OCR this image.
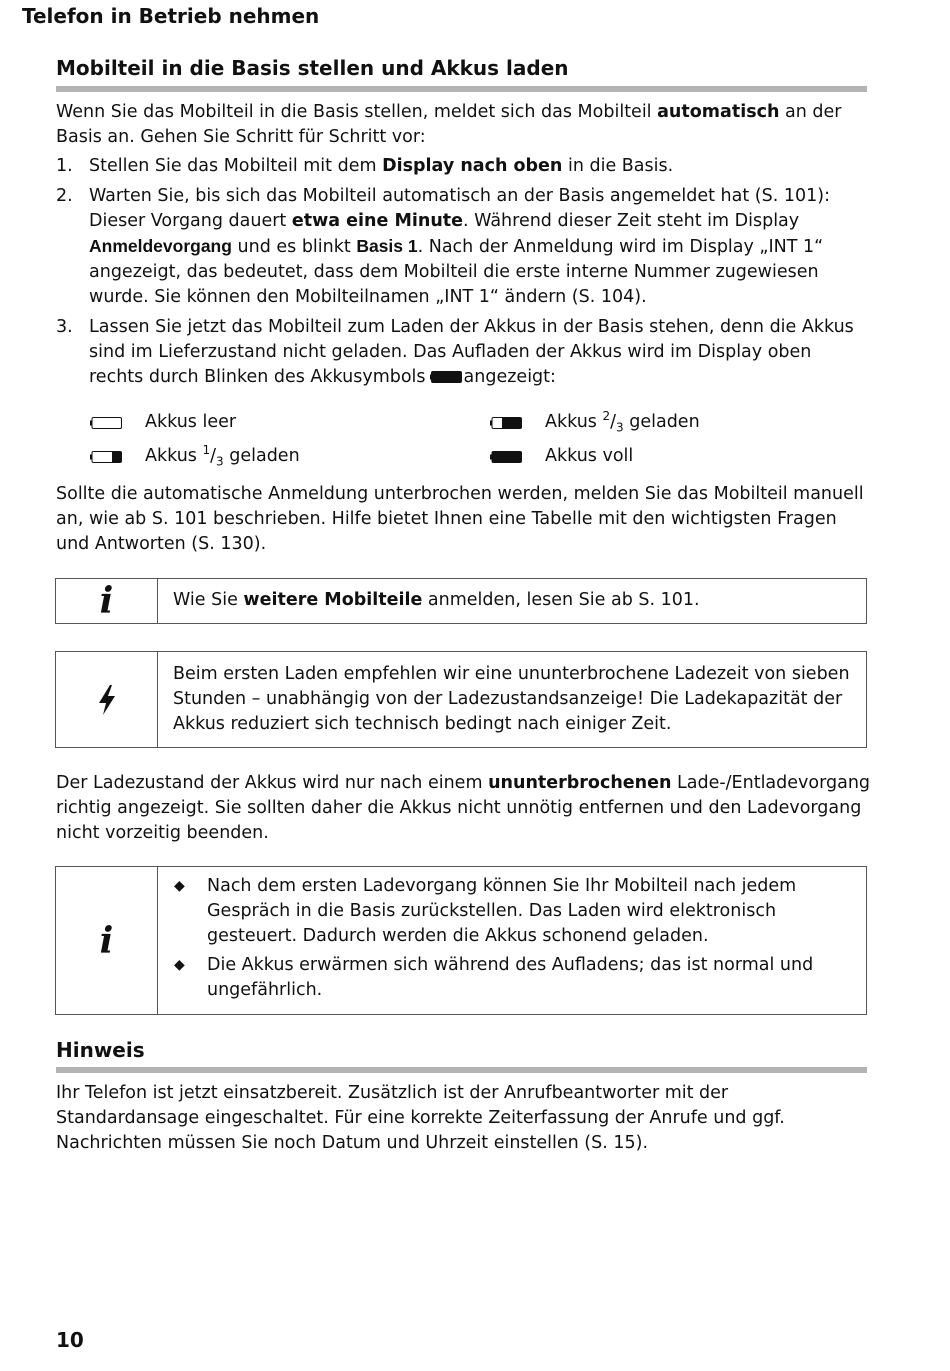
Telefon in Betrieb nehmen
Mobilteil in die Basis stellen und Akkus laden
Wenn Sie das Mobilteil in die Basis stellen, meldet sich das Mobilteil automatisch an der Basis an. Gehen Sie Schritt für Schritt vor:
1. Stellen Sie das Mobilteil mit dem Display nach oben in die Basis.
2. Warten Sie, bis sich das Mobilteil automatisch an der Basis angemeldet hat (S. 101): Dieser Vorgang dauert etwa eine Minute. Während dieser Zeit steht im Display Anmeldevorgang und es blinkt Basis 1. Nach der Anmeldung wird im Display „INT 1“ angezeigt, das bedeutet, dass dem Mobilteil die erste interne Nummer zugewiesen wurde. Sie können den Mobilteilnamen „INT 1“ ändern (S. 104).
3. Lassen Sie jetzt das Mobilteil zum Laden der Akkus in der Basis stehen, denn die Akkus sind im Lieferzustand nicht geladen. Das Aufladen der Akkus wird im Display oben rechts durch Blinken des Akkusymbols angezeigt:
Akkus leer
Akkus $^1/_3$ geladen
Akkus $^2/_3$ geladen
Akkus voll
Sollte die automatische Anmeldung unterbrochen werden, melden Sie das Mobilteil manuell an, wie ab S. 101 beschrieben. Hilfe bietet Ihnen eine Tabelle mit den wichtigsten Fragen und Antworten (S. 130).
i	Wie Sie weitere Mobilteile anmelden, lesen Sie ab S. 101.
Beim ersten Laden empfehlen wir eine ununterbrochene Ladezeit von sieben Stunden – unabhängig von der Ladezustandsanzeige! Die Ladekapazität der Akkus reduziert sich technisch bedingt nach einiger Zeit.
Der Ladezustand der Akkus wird nur nach einem ununterbrochenen Lade-/Entladevorgang richtig angezeigt. Sie sollten daher die Akkus nicht unnötig entfernen und den Ladevorgang nicht vorzeitig beenden.
i
◆ Nach dem ersten Ladevorgang können Sie Ihr Mobilteil nach jedem Gespräch in die Basis zurückstellen. Das Laden wird elektronisch gesteuert. Dadurch werden die Akkus schonend geladen.
◆ Die Akkus erwärmen sich während des Aufladens; das ist normal und ungefährlich.
Hinweis
Ihr Telefon ist jetzt einsatzbereit. Zusätzlich ist der Anrufbeantworter mit der Standardansage eingeschaltet. Für eine korrekte Zeiterfassung der Anrufe und ggf. Nachrichten müssen Sie noch Datum und Uhrzeit einstellen (S. 15).
10
